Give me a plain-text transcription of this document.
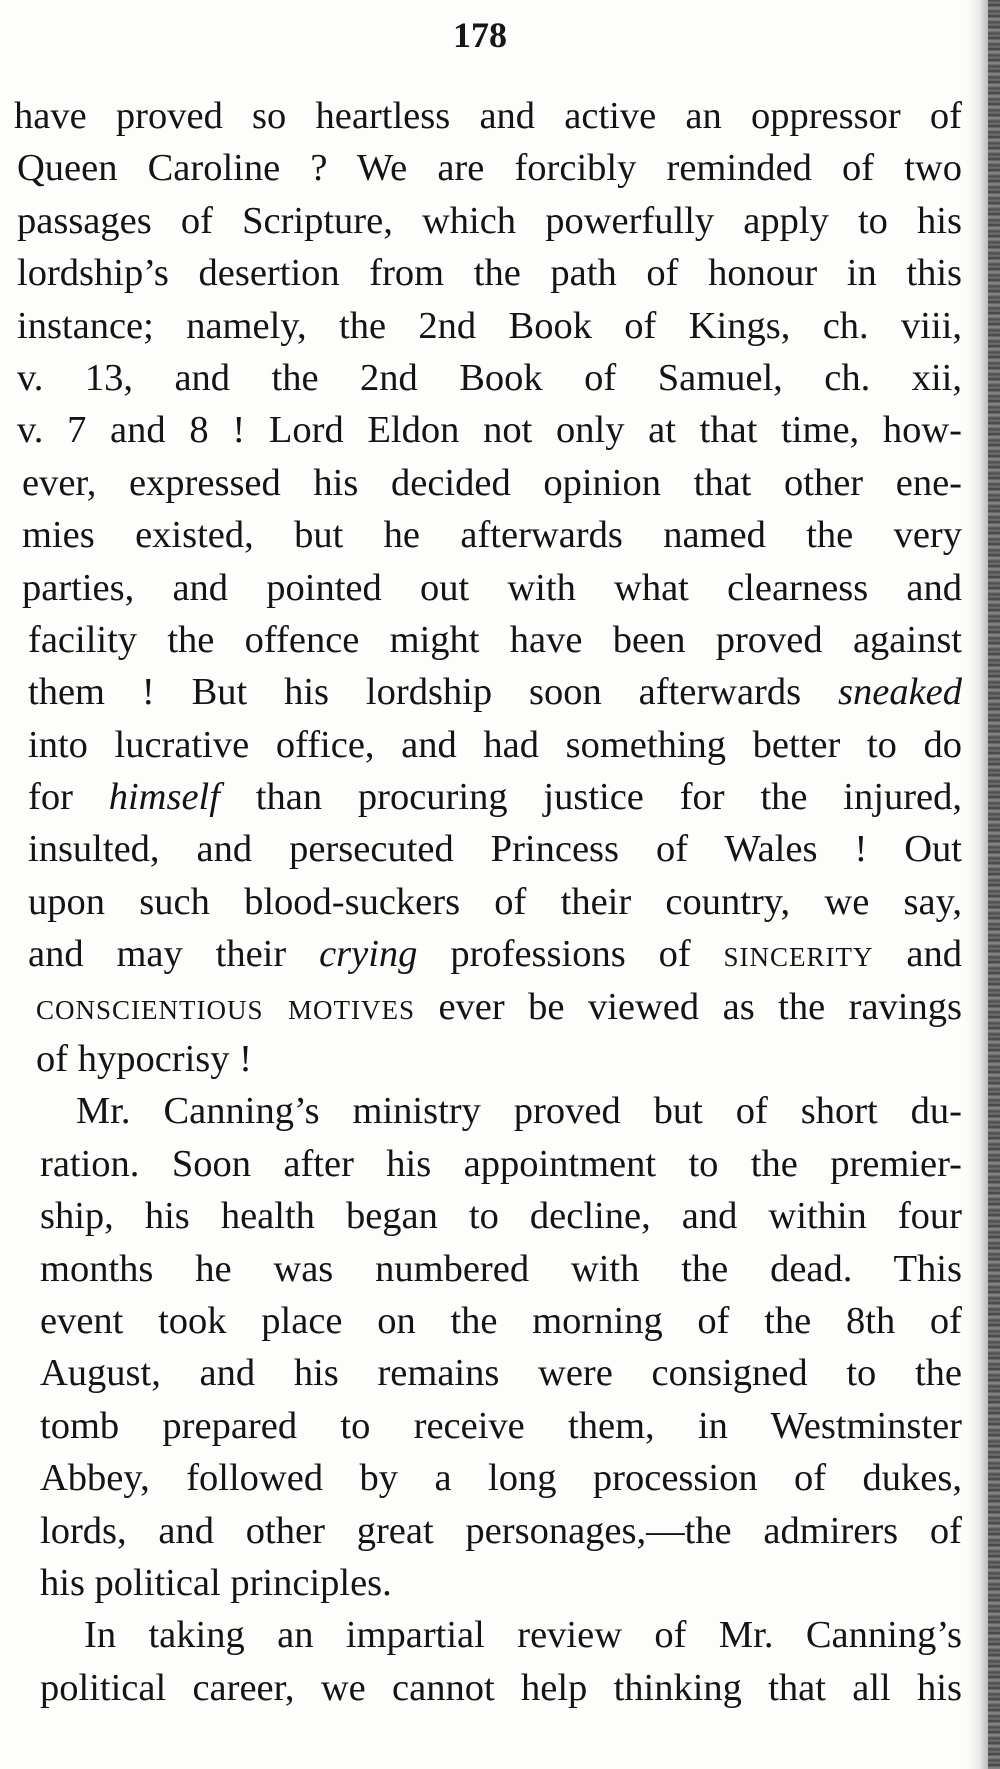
178
have proved so heartless and active an oppressor of
Queen Caroline ? We are forcibly reminded of two
passages of Scripture, which powerfully apply to his
lordship’s desertion from the path of honour in this
instance; namely, the 2nd Book of Kings, ch. viii,
v. 13, and the 2nd Book of Samuel, ch. xii,
v. 7 and 8 ! Lord Eldon not only at that time, how-
ever, expressed his decided opinion that other ene-
mies existed, but he afterwards named the very
parties, and pointed out with what clearness and
facility the offence might have been proved against
them ! But his lordship soon afterwards sneaked
into lucrative office, and had something better to do
for himself than procuring justice for the injured,
insulted, and persecuted Princess of Wales ! Out
upon such blood-suckers of their country, we say,
and may their crying professions of sincerity and
conscientious motives ever be viewed as the ravings
of hypocrisy !
Mr. Canning’s ministry proved but of short du-
ration. Soon after his appointment to the premier-
ship, his health began to decline, and within four
months he was numbered with the dead. This
event took place on the morning of the 8th of
August, and his remains were consigned to the
tomb prepared to receive them, in Westminster
Abbey, followed by a long procession of dukes,
lords, and other great personages,—the admirers of
his political principles.
In taking an impartial review of Mr. Canning’s
political career, we cannot help thinking that all his
